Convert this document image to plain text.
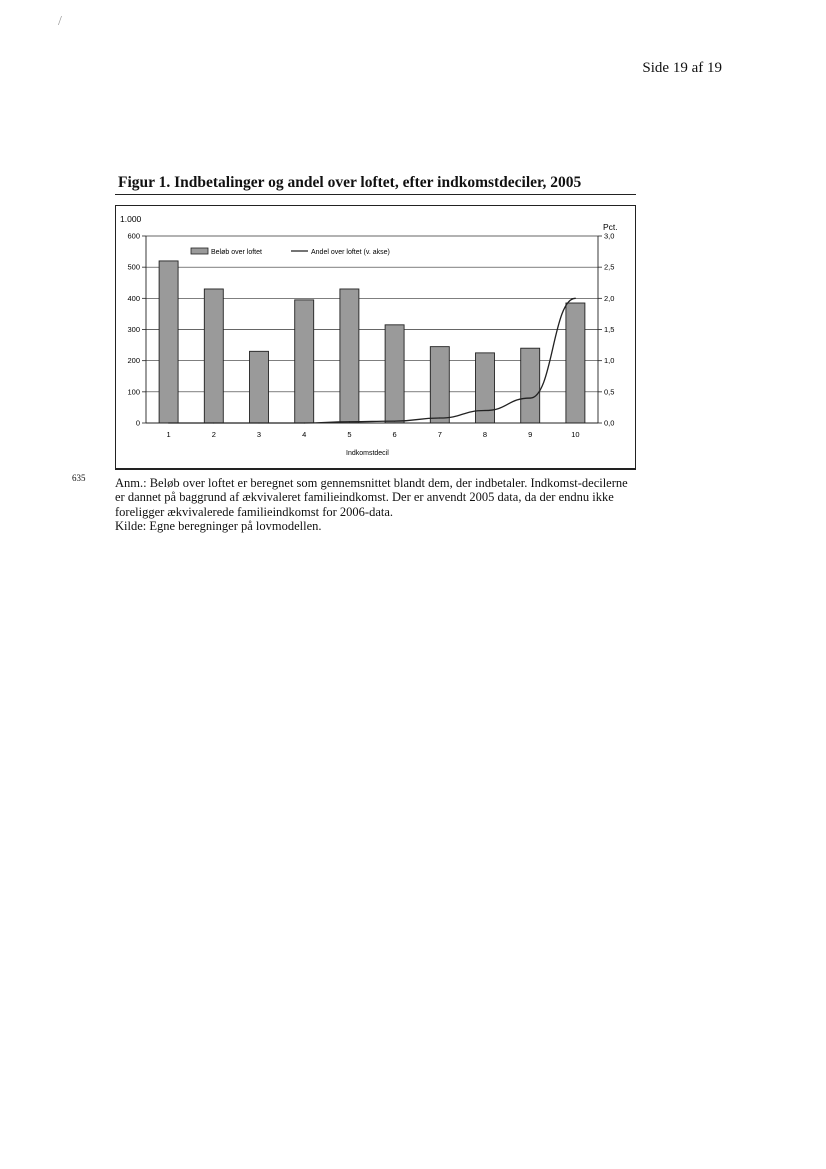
/
Side 19 af 19
Figur 1. Indbetalinger og andel over loftet, efter indkomstdeciler, 2005
0
100
200
300
400
500
600
0,0
0,5
1,0
1,5
2,0
2,5
3,0
1	2	3	4	5	6	7	8	9	10
1.000
Pct.
Indkomstdecil
Beløb over loftet	Andel over loftet (v. akse)
635 Anm.: Beløb over loftet er beregnet som gennemsnittet blandt dem, der indbetaler. Indkomst-decilerne er dannet på baggrund af ækvivaleret familieindkomst. Der er anvendt 2005 data, da der endnu ikke foreligger ækvivalerede familieindkomst for 2006-data.

Kilde: Egne beregninger på lovmodellen.
